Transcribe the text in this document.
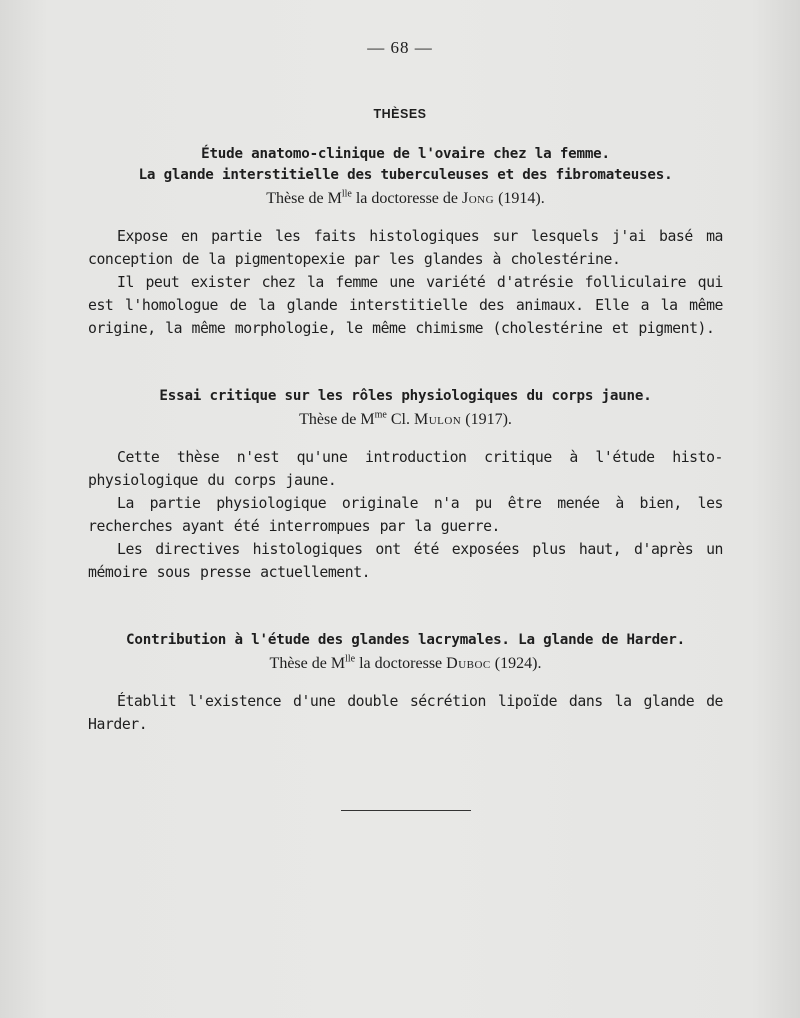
— 68 —
THÈSES
Étude anatomo-clinique de l'ovaire chez la femme.
La glande interstitielle des tuberculeuses et des fibromateuses.
Thèse de $M^{lle}$ la doctoresse de Jong (1914).

Expose en partie les faits histologiques sur lesquels j'ai basé ma conception de la pigmentopexie par les glandes à cholestérine.

Il peut exister chez la femme une variété d'atrésie folliculaire qui est l'homologue de la glande interstitielle des animaux. Elle a la même origine, la même morphologie, le même chimisme (cholestérine et pigment).

Essai critique sur les rôles physiologiques du corps jaune.
Thèse de $M^{me}$ Cl. Mulon (1917).

Cette thèse n'est qu'une introduction critique à l'étude histo-physiologique du corps jaune.

La partie physiologique originale n'a pu être menée à bien, les recherches ayant été interrompues par la guerre.

Les directives histologiques ont été exposées plus haut, d'après un mémoire sous presse actuellement.

Contribution à l'étude des glandes lacrymales. La glande de Harder.
Thèse de $M^{lle}$ la doctoresse Duboc (1924).

Établit l'existence d'une double sécrétion lipoïde dans la glande de Harder.
